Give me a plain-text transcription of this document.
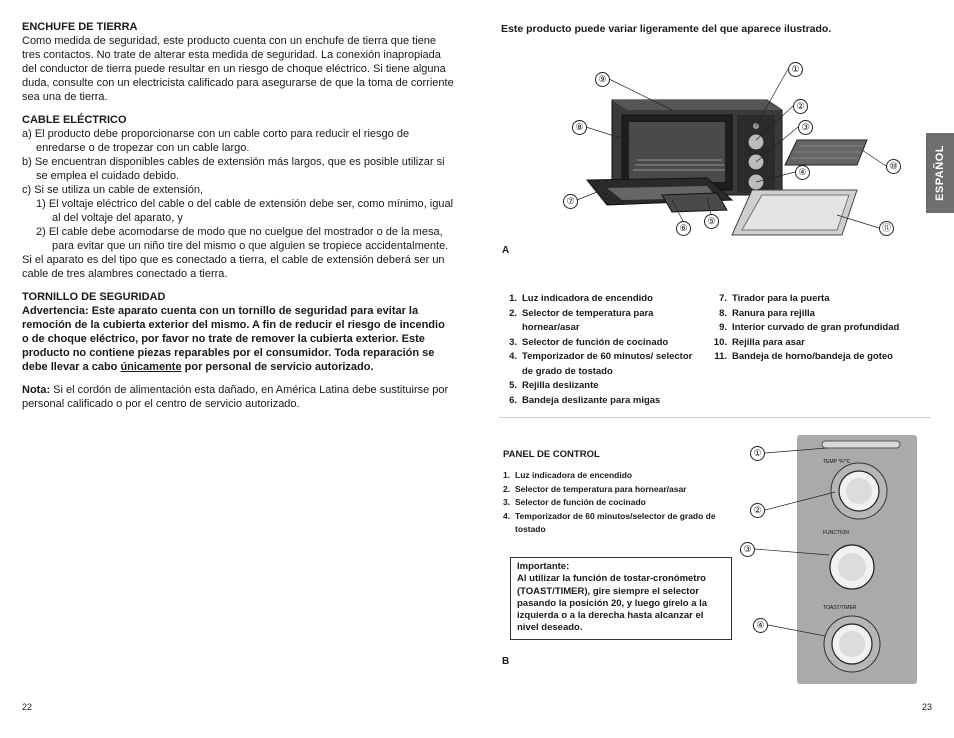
ENCHUFE DE TIERRA

Como medida de seguridad, este producto cuenta con un enchufe de tierra que tiene tres contactos. No trate de alterar esta medida de seguridad. La conexión inapropiada del conductor de tierra puede resultar en un riesgo de choque eléctrico. Si tiene alguna duda, consulte con un electricista calificado para asegurarse de que la toma de corriente sea una de tierra.

CABLE ELÉCTRICO

a) El producto debe proporcionarse con un cable corto para reducir el riesgo de enredarse o de tropezar con un cable largo.

b) Se encuentran disponibles cables de extensión más largos, que es posible utilizar si se emplea el cuidado debido.

c) Si se utiliza un cable de extensión,

1) El voltaje eléctrico del cable o del cable de extensión debe ser, como mínimo, igual al del voltaje del aparato, y

2) El cable debe acomodarse de modo que no cuelgue del mostrador o de la mesa, para evitar que un niño tire del mismo o que alguien se tropiece accidentalmente.

Si el aparato es del tipo que es conectado a tierra, el cable de extensión deberá ser un cable de tres alambres conectado a tierra.

TORNILLO DE SEGURIDAD

Advertencia: Este aparato cuenta con un tornillo de seguridad para evitar la remoción de la cubierta exterior del mismo. A fin de reducir el riesgo de incendio o de choque eléctrico, por favor no trate de remover la cubierta exterior. Este producto no contiene piezas reparables por el consumidor. Toda reparación se debe llevar a cabo únicamente por personal de servicio autorizado.

Nota: Si el cordón de alimentación esta dañado, en América Latina debe sustituirse por personal calificado o por el centro de servicio autorizado.

22
Este producto puede variar ligeramente del que aparece ilustrado.
ESPAÑOL
⑨
⑧
⑦
⑥
⑤
①
②
③
④
⑩
⑪
A
1. Luz indicadora de encendido
2. Selector de temperatura para hornear/asar
3. Selector de función de cocinado
4. Temporizador de 60 minutos/ selector de grado de tostado
5. Rejilla deslizante
6. Bandeja deslizante para migas
7. Tirador para la puerta
8. Ranura para rejilla
9. Interior curvado de gran profundidad
10. Rejilla para asar
11. Bandeja de horno/bandeja de goteo
PANEL DE CONTROL
1. Luz indicadora de encendido
2. Selector de temperatura para hornear/asar
3. Selector de función de cocinado
4. Temporizador de 60 minutos/selector de grado de tostado
Importante:
Al utilizar la función de tostar-cronómetro (TOAST/TIMER), gire siempre el selector pasando la posición 20, y luego gírelo a la izquierda o a la derecha hasta alcanzar el nivel deseado.
B
TEMP °F/°C
FUNCTION
TOAST/TIMER
①
②
③
④
23
